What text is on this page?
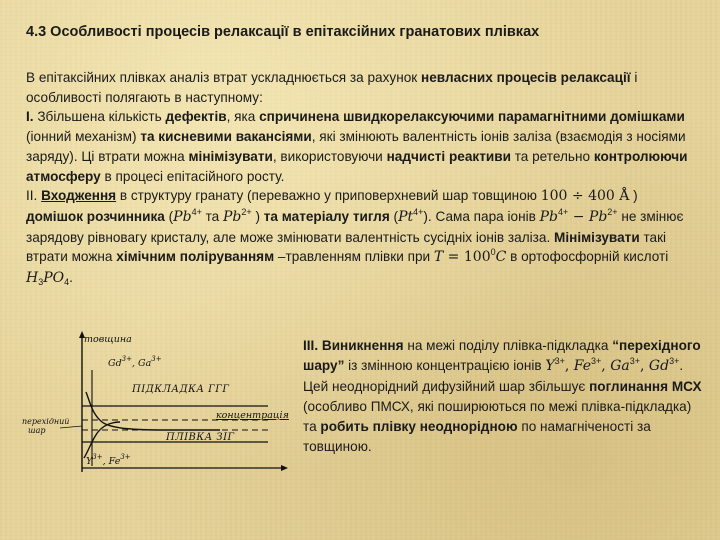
4.3 Особливості процесів релаксації в епітаксійних гранатових плівках

В епітаксійних плівках аналіз втрат ускладнюється за рахунок невласних процесів релаксації і особливості полягають в наступному:

I. Збільшена кількість дефектів, яка спричинена швидкорелаксуючими парамагнітними домішками (іонний механізм) та кисневими вакансіями, які змінюють валентність іонів заліза (взаємодія з носіями заряду). Ці втрати можна мінімізувати, використовуючи надчисті реактиви та ретельно контролюючи атмосферу в процесі епітасійного росту.

II. Входження в структуру гранату (переважно у приповерхневий шар товщиною 100 ÷ 400 Å ) домішок розчинника ($Pb^{4+}$ та $Pb^{2+}$ ) та матеріалу тигля $(Pt^{4+})$. Сама пара іонів $Pb^{4+} - Pb^{2+}$ не змінює зарядову рівновагу кристалу, але може змінювати валентність сусідніх іонів заліза. Мінімізувати такі втрати можна хімічним поліруванням –травленням плівки при $T = 100^0C$ в ортофосфорній кислоті $H_3PO_4$.

товщина
$Gd^{3+}$, $Ga^{3+}$
ПІДКЛАДКА ГГГ
концентрація
перехідний
шар
ПЛІВКА ЗІГ
$Y^{3+}$, $Fe^{3+}$

III. Виникнення на межі поділу плівка-підкладка “перехідного шару” із змінною концентрацією іонів $Y^{3+}$, $Fe^{3+}$, $Ga^{3+}$, $Gd^{3+}$. Цей неоднорідний дифузійний шар збільшує поглинання МСХ (особливо ПМСХ, які поширюються по межі плівка-підкладка) та робить плівку неоднорідною по намагніченості за товщиною.
